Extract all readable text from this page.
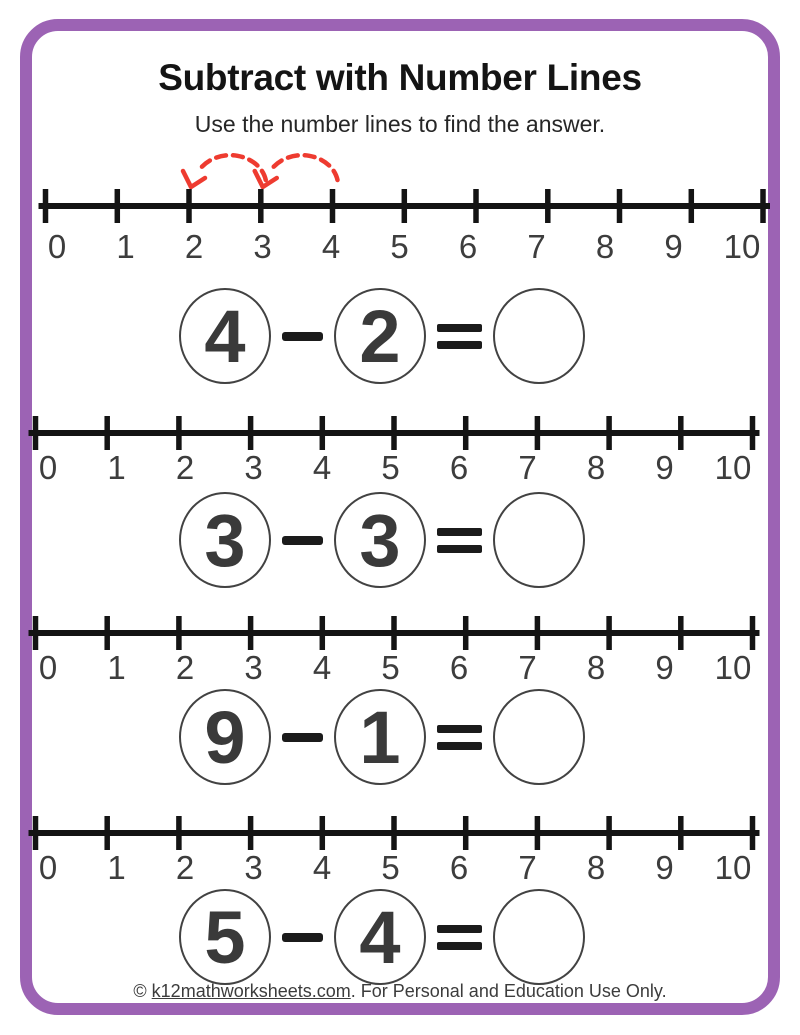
Subtract with Number Lines
Use the number lines to find the answer.
0 1 2 3 4 5 6 7 8 9 10
4 2
0 1 2 3 4 5 6 7 8 9 10
3 3
0 1 2 3 4 5 6 7 8 9 10
9 1
0 1 2 3 4 5 6 7 8 9 10
5 4
© k12mathworksheets.com. For Personal and Education Use Only.
